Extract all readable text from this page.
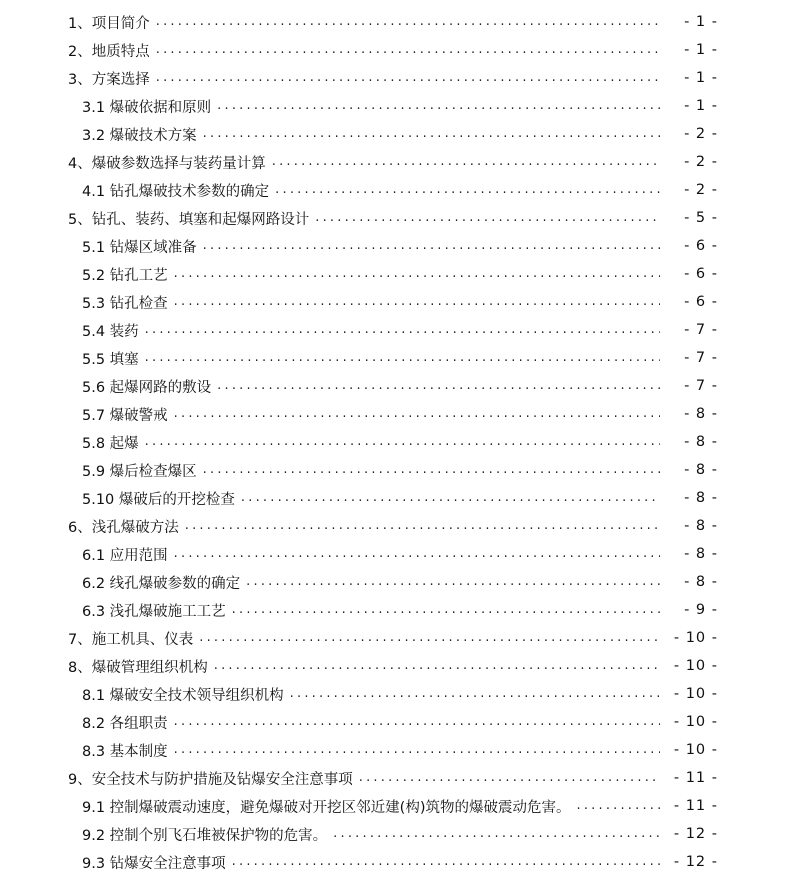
1、项目简介 .....	- 1 -
2、地质特点 .....	- 1 -
3、方案选择 .....	- 1 -
3.1 爆破依据和原则 .....	- 1 -
3.2 爆破技术方案 .....	- 2 -
4、爆破参数选择与装药量计算 .....	- 2 -
4.1 钻孔爆破技术参数的确定 .....	- 2 -
5、钻孔、装药、填塞和起爆网路设计 .....	- 5 -
5.1 钻爆区域准备 .....	- 6 -
5.2 钻孔工艺 .....	- 6 -
5.3 钻孔检查 .....	- 6 -
5.4 装药 .....	- 7 -
5.5 填塞 .....	- 7 -
5.6 起爆网路的敷设 .....	- 7 -
5.7 爆破警戒 .....	- 8 -
5.8 起爆 .....	- 8 -
5.9 爆后检查爆区 .....	- 8 -
5.10 爆破后的开挖检查 .....	- 8 -
6、浅孔爆破方法 .....	- 8 -
6.1 应用范围 .....	- 8 -
6.2 线孔爆破参数的确定 .....	- 8 -
6.3 浅孔爆破施工工艺 .....	- 9 -
7、施工机具、仪表 .....	- 10 -
8、爆破管理组织机构 .....	- 10 -
8.1 爆破安全技术领导组织机构 .....	- 10 -
8.2 各组职责 .....	- 10 -
8.3 基本制度 .....	- 10 -
9、安全技术与防护措施及钻爆安全注意事项 .....	- 11 -
9.1 控制爆破震动速度，避免爆破对开挖区邻近建(构)筑物的爆破震动危害。 .....	- 11 -
9.2 控制个别飞石堆被保护物的危害。 .....	- 12 -
9.3 钻爆安全注意事项 .....	- 12 -
